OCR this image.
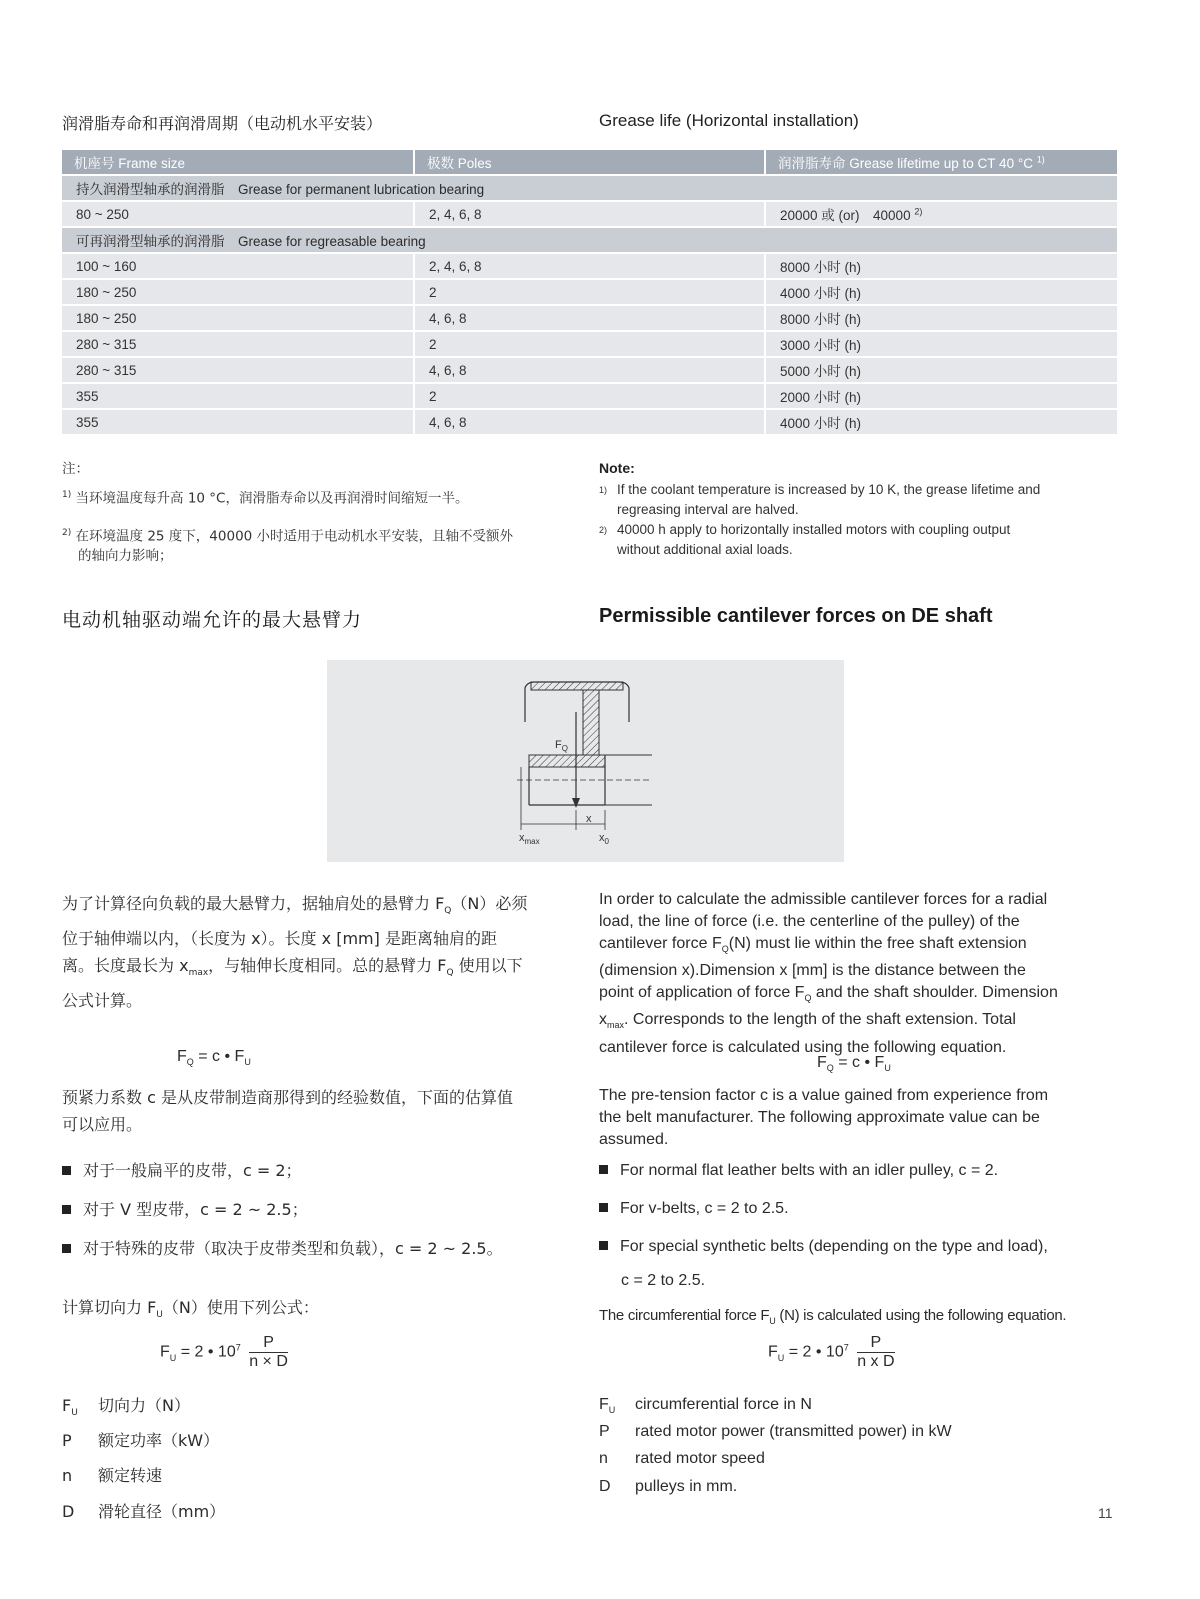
润滑脂寿命和再润滑周期（电动机水平安装）	Grease life (Horizontal installation)
机座号 Frame size	极数 Poles	润滑脂寿命 Grease lifetime up to CT 40 °C $^{1)}$
持久润滑型轴承的润滑脂　Grease for permanent lubrication bearing		
80 ~ 250	2, 4, 6, 8	20000 或 (or)　40000 $^{2)}$
可再润滑型轴承的润滑脂　Grease for regreasable bearing		
100 ~ 160	2, 4, 6, 8	8000 小时 (h)
180 ~ 250	2	4000 小时 (h)
180 ~ 250	4, 6, 8	8000 小时 (h)
280 ~ 315	2	3000 小时 (h)
280 ~ 315	4, 6, 8	5000 小时 (h)
355	2	2000 小时 (h)
355	4, 6, 8	4000 小时 (h)
注：
$^{1)}$ 当环境温度每升高 10 °C，润滑脂寿命以及再润滑时间缩短一半。
$^{2)}$ 在环境温度 25 度下，40000 小时适用于电动机水平安装，且轴不受额外
的轴向力影响；
Note:
1) If the coolant temperature is increased by 10 K, the grease lifetime and
regreasing interval are halved.
2) 40000 h apply to horizontally installed motors with coupling output
without additional axial loads.
电动机轴驱动端允许的最大悬臂力	Permissible cantilever forces on DE shaft
$F_Q$
x
$x_{max}$	$x_0$
为了计算径向负载的最大悬臂力，据轴肩处的悬臂力 $F_Q(N)$必须
位于轴伸端以内，（长度为 x）。长度 x [mm] 是距离轴肩的距
离。长度最长为 $x_{max}$，与轴伸长度相同。总的悬臂力 $F_Q$ 使用以下
公式计算。
In order to calculate the admissible cantilever forces for a radial
load, the line of force (i.e. the centerline of the pulley) of the
cantilever force $F_Q(N)$ must lie within the free shaft extension
(dimension x).Dimension x [mm] is the distance between the
point of application of force $F_Q$ and the shaft shoulder. Dimension
$x_{max}$. Corresponds to the length of the shaft extension. Total
cantilever force is calculated using the following equation.
$F_Q = c$ • $F_U$	$F_Q = c$ • $F_U$
预紧力系数 c 是从皮带制造商那得到的经验数值，下面的估算值
可以应用。
The pre-tension factor c is a value gained from experience from
the belt manufacturer. The following approximate value can be
assumed.
对于一般扁平的皮带，c = 2；
对于 V 型皮带，c = 2 ~ 2.5；
对于特殊的皮带（取决于皮带类型和负载），c = 2 ~ 2.5。
For normal flat leather belts with an idler pulley, c = 2.
For v-belts, c = 2 to 2.5.
For special synthetic belts (depending on the type and load),
c = 2 to 2.5.
计算切向力 $F_U(N)$使用下列公式：	The circumferential force $F_U$ (N) is calculated using the following equation.
$F_U = 2$ • $10^7 \frac{P}{n \times D}$	$F_U = 2$ • $10^7 \frac{P}{\text{n x D}}$
$F_U$	切向力（N）
P	额定功率（kW）
n	额定转速
D	滑轮直径（mm）
$F_U$	circumferential force in N
P	rated motor power (transmitted power) in kW
n	rated motor speed
D	pulleys in mm.
11
